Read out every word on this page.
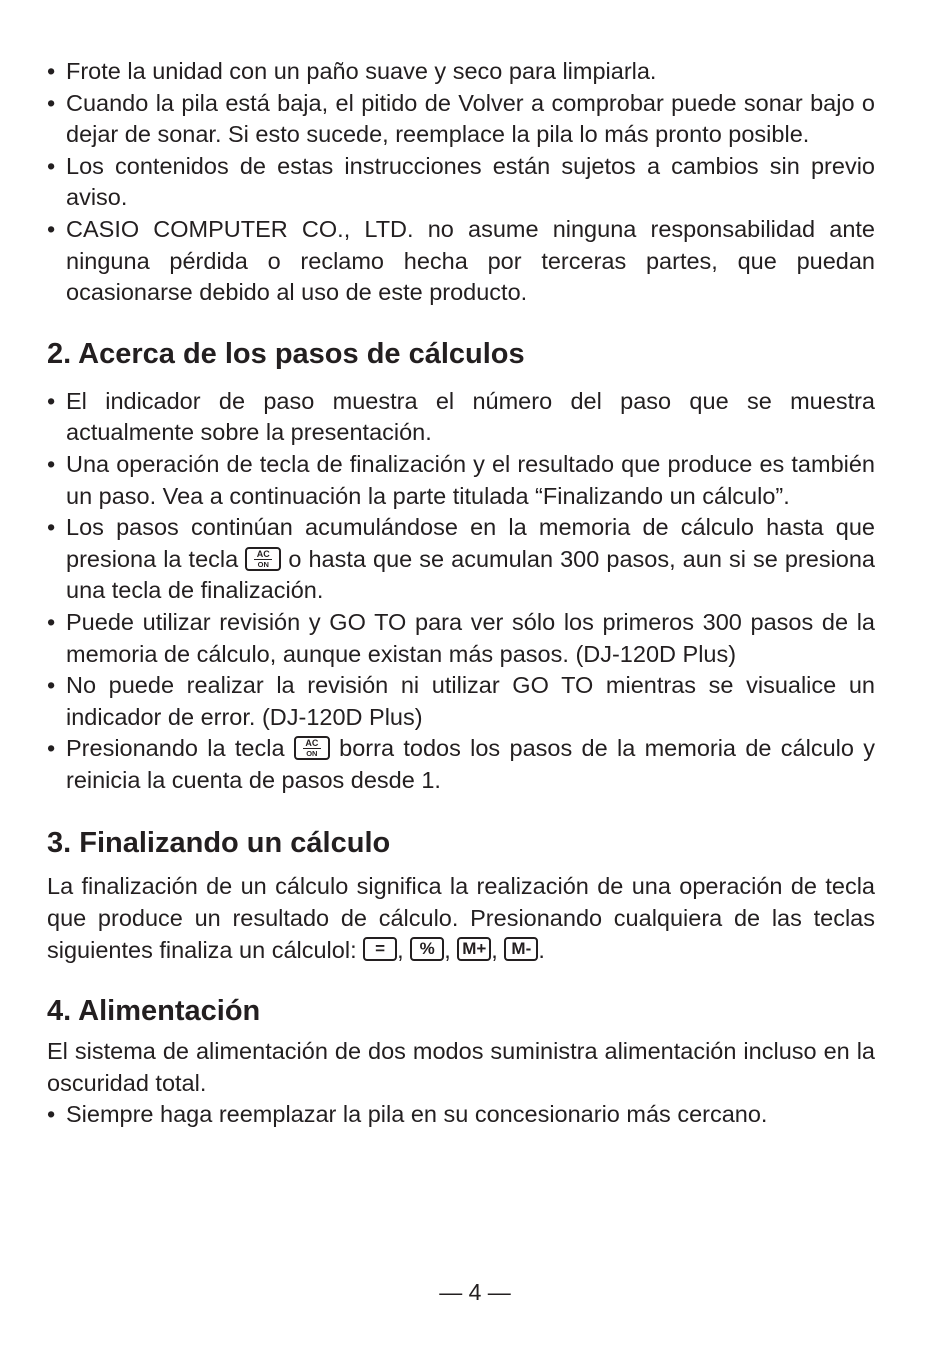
• Frote la unidad con un paño suave y seco para limpiarla.
• Cuando la pila está baja, el pitido de Volver a comprobar puede sonar bajo o dejar de sonar. Si esto sucede, reemplace la pila lo más pronto posible.
• Los contenidos de estas instrucciones están sujetos a cambios sin previo aviso.
• CASIO COMPUTER CO., LTD. no asume ninguna responsabilidad ante ninguna pérdida o reclamo hecha por terceras partes, que puedan ocasionarse debido al uso de este producto.
2. Acerca de los pasos de cálculos
• El indicador de paso muestra el número del paso que se muestra actualmente sobre la presentación.
• Una operación de tecla de finalización y el resultado que produce es también un paso. Vea a continuación la parte titulada “Finalizando un cálculo”.
• Los pasos continúan acumulándose en la memoria de cálculo hasta que presiona la tecla AC
ON o hasta que se acumulan 300 pasos, aun si se presiona una tecla de finalización.
• Puede utilizar revisión y GO TO para ver sólo los primeros 300 pasos de la memoria de cálculo, aunque existan más pasos. (DJ-120D Plus)
• No puede realizar la revisión ni utilizar GO TO mientras se visualice un indicador de error. (DJ-120D Plus)
• Presionando la tecla AC
ON borra todos los pasos de la memoria de cálculo y reinicia la cuenta de pasos desde 1.
3. Finalizando un cálculo

La finalización de un cálculo significa la realización de una operación de tecla que produce un resultado de cálculo. Presionando cualquiera de las teclas siguientes finaliza un cálculol: = , % , M+ , M- .

4. Alimentación

El sistema de alimentación de dos modos suministra alimentación incluso en la oscuridad total.

• Siempre haga reemplazar la pila en su concesionario más cercano.
— 4 —
